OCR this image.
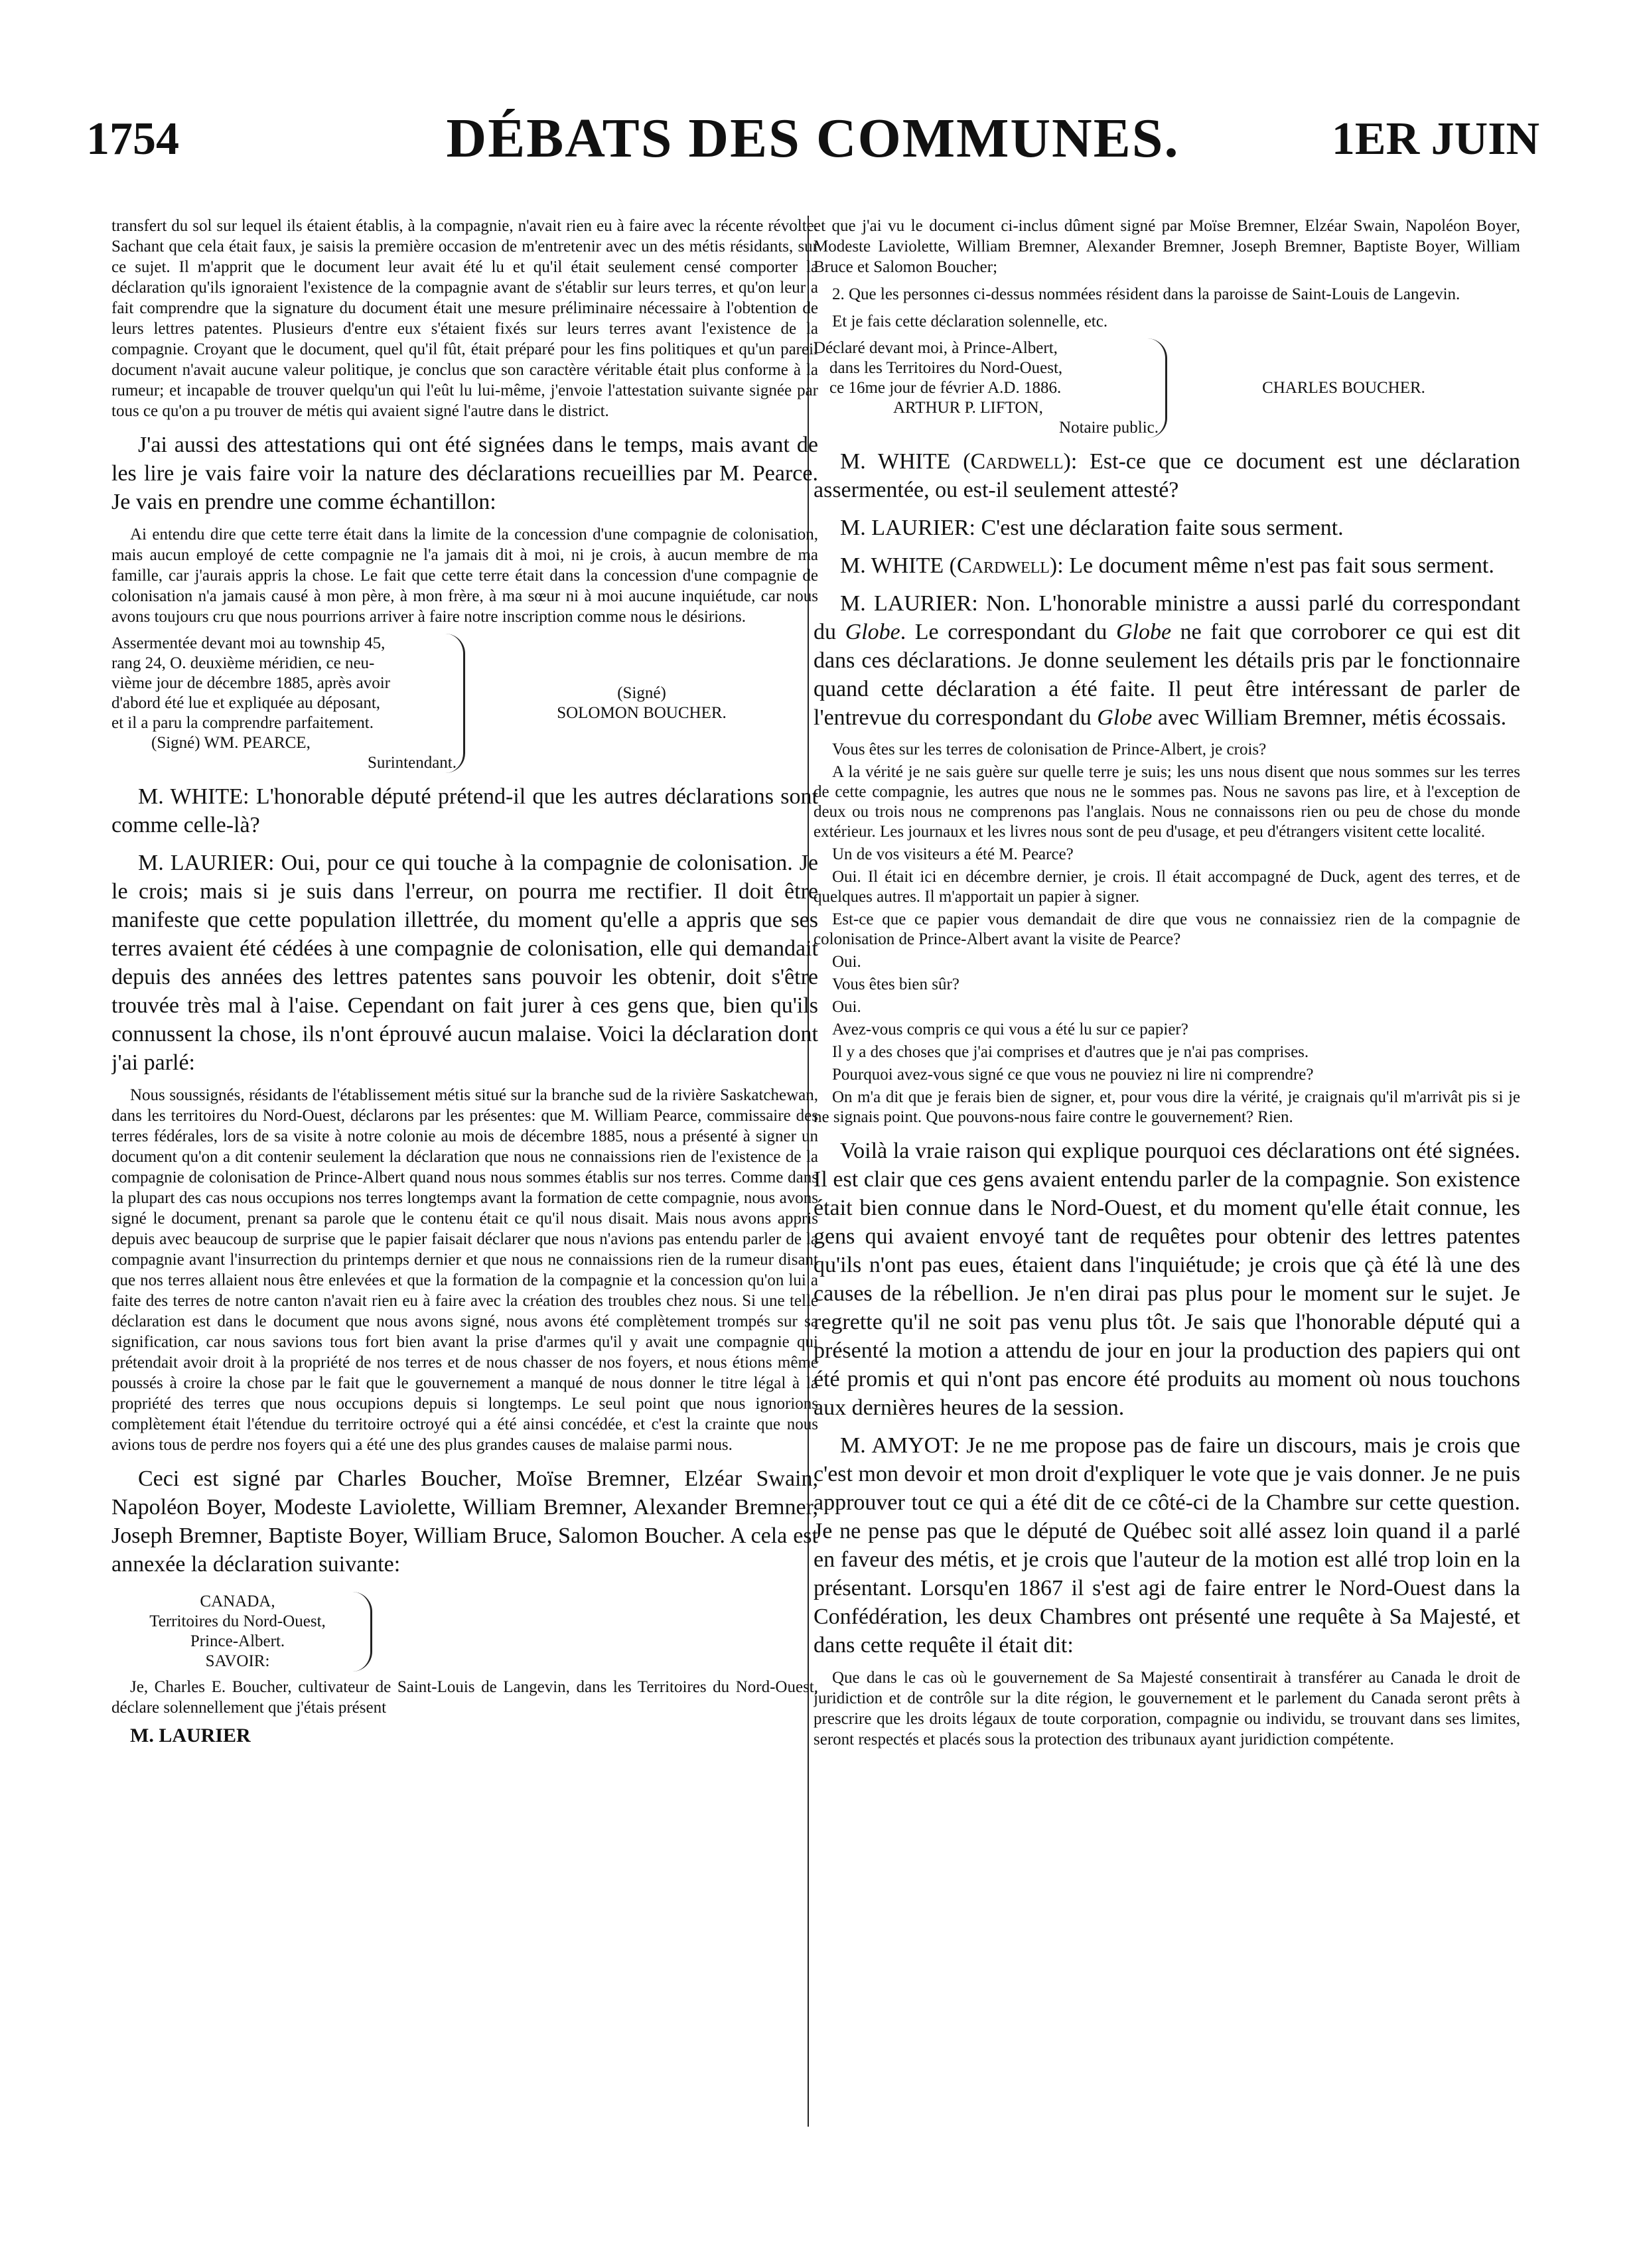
1754	DÉBATS DES COMMUNES.	1ER JUIN

transfert du sol sur lequel ils étaient établis, à la compagnie, n'avait rien eu à faire avec la récente révolte. Sachant que cela était faux, je saisis la première occasion de m'entretenir avec un des métis résidants, sur ce sujet. Il m'apprit que le document leur avait été lu et qu'il était seulement censé comporter la déclaration qu'ils ignoraient l'existence de la compagnie avant de s'établir sur leurs terres, et qu'on leur a fait comprendre que la signature du document était une mesure préliminaire nécessaire à l'obtention de leurs lettres patentes. Plusieurs d'entre eux s'étaient fixés sur leurs terres avant l'existence de la compagnie. Croyant que le document, quel qu'il fût, était préparé pour les fins politiques et qu'un pareil document n'avait aucune valeur politique, je conclus que son caractère véritable était plus conforme à la rumeur; et incapable de trouver quelqu'un qui l'eût lu lui-même, j'envoie l'attestation suivante signée par tous ce qu'on a pu trouver de métis qui avaient signé l'autre dans le district.

J'ai aussi des attestations qui ont été signées dans le temps, mais avant de les lire je vais faire voir la nature des déclarations recueillies par M. Pearce. Je vais en prendre une comme échantillon:

Ai entendu dire que cette terre était dans la limite de la concession d'une compagnie de colonisation, mais aucun employé de cette compagnie ne l'a jamais dit à moi, ni je crois, à aucun membre de ma famille, car j'aurais appris la chose. Le fait que cette terre était dans la concession d'une compagnie de colonisation n'a jamais causé à mon père, à mon frère, à ma sœur ni à moi aucune inquiétude, car nous avons toujours cru que nous pourrions arriver à faire notre inscription comme nous le désirions.

Assermentée devant moi au township 45,
rang 24, O. deuxième méridien, ce neu-
vième jour de décembre 1885, après avoir
d'abord été lue et expliquée au déposant,
et il a paru la comprendre parfaitement.
(Signé) WM. PEARCE,
Surintendant.
(Signé)
SOLOMON BOUCHER.

M. WHITE: L'honorable député prétend-il que les autres déclarations sont comme celle-là?

M. LAURIER: Oui, pour ce qui touche à la compagnie de colonisation. Je le crois; mais si je suis dans l'erreur, on pourra me rectifier. Il doit être manifeste que cette population illettrée, du moment qu'elle a appris que ses terres avaient été cédées à une compagnie de colonisation, elle qui demandait depuis des années des lettres patentes sans pouvoir les obtenir, doit s'être trouvée très mal à l'aise. Cependant on fait jurer à ces gens que, bien qu'ils connussent la chose, ils n'ont éprouvé aucun malaise. Voici la déclaration dont j'ai parlé:

Nous soussignés, résidants de l'établissement métis situé sur la branche sud de la rivière Saskatchewan, dans les territoires du Nord-Ouest, déclarons par les présentes: que M. William Pearce, commissaire des terres fédérales, lors de sa visite à notre colonie au mois de décembre 1885, nous a présenté à signer un document qu'on a dit contenir seulement la déclaration que nous ne connaissions rien de l'existence de la compagnie de colonisation de Prince-Albert quand nous nous sommes établis sur nos terres. Comme dans la plupart des cas nous occupions nos terres longtemps avant la formation de cette compagnie, nous avons signé le document, prenant sa parole que le contenu était ce qu'il nous disait. Mais nous avons appris depuis avec beaucoup de surprise que le papier faisait déclarer que nous n'avions pas entendu parler de la compagnie avant l'insurrection du printemps dernier et que nous ne connaissions rien de la rumeur disant que nos terres allaient nous être enlevées et que la formation de la compagnie et la concession qu'on lui a faite des terres de notre canton n'avait rien eu à faire avec la création des troubles chez nous. Si une telle déclaration est dans le document que nous avons signé, nous avons été complètement trompés sur sa signification, car nous savions tous fort bien avant la prise d'armes qu'il y avait une compagnie qui prétendait avoir droit à la propriété de nos terres et de nous chasser de nos foyers, et nous étions même poussés à croire la chose par le fait que le gouvernement a manqué de nous donner le titre légal à la propriété des terres que nous occupions depuis si longtemps. Le seul point que nous ignorions complètement était l'étendue du territoire octroyé qui a été ainsi concédée, et c'est la crainte que nous avions tous de perdre nos foyers qui a été une des plus grandes causes de malaise parmi nous.

Ceci est signé par Charles Boucher, Moïse Bremner, Elzéar Swain, Napoléon Boyer, Modeste Laviolette, William Bremner, Alexander Bremner, Joseph Bremner, Baptiste Boyer, William Bruce, Salomon Boucher. A cela est annexée la déclaration suivante:

CANADA,
Territoires du Nord-Ouest,
Prince-Albert.
SAVOIR:

Je, Charles E. Boucher, cultivateur de Saint-Louis de Langevin, dans les Territoires du Nord-Ouest, déclare solennellement que j'étais présent

M. LAURIER

et que j'ai vu le document ci-inclus dûment signé par Moïse Bremner, Elzéar Swain, Napoléon Boyer, Modeste Laviolette, William Bremner, Alexander Bremner, Joseph Bremner, Baptiste Boyer, William Bruce et Salomon Boucher;

2. Que les personnes ci-dessus nommées résident dans la paroisse de Saint-Louis de Langevin.

Et je fais cette déclaration solennelle, etc.

Déclaré devant moi, à Prince-Albert,
dans les Territoires du Nord-Ouest,
ce 16me jour de février A.D. 1886.
ARTHUR P. LIFTON,
Notaire public.
CHARLES BOUCHER.

M. WHITE (Cardwell): Est-ce que ce document est une déclaration assermentée, ou est-il seulement attesté?

M. LAURIER: C'est une déclaration faite sous serment.

M. WHITE (Cardwell): Le document même n'est pas fait sous serment.

M. LAURIER: Non. L'honorable ministre a aussi parlé du correspondant du Globe. Le correspondant du Globe ne fait que corroborer ce qui est dit dans ces déclarations. Je donne seulement les détails pris par le fonctionnaire quand cette déclaration a été faite. Il peut être intéressant de parler de l'entrevue du correspondant du Globe avec William Bremner, métis écossais.

Vous êtes sur les terres de colonisation de Prince-Albert, je crois?

A la vérité je ne sais guère sur quelle terre je suis; les uns nous disent que nous sommes sur les terres de cette compagnie, les autres que nous ne le sommes pas. Nous ne savons pas lire, et à l'exception de deux ou trois nous ne comprenons pas l'anglais. Nous ne connaissons rien ou peu de chose du monde extérieur. Les journaux et les livres nous sont de peu d'usage, et peu d'étrangers visitent cette localité.

Un de vos visiteurs a été M. Pearce?

Oui. Il était ici en décembre dernier, je crois. Il était accompagné de Duck, agent des terres, et de quelques autres. Il m'apportait un papier à signer.

Est-ce que ce papier vous demandait de dire que vous ne connaissiez rien de la compagnie de colonisation de Prince-Albert avant la visite de Pearce?

Oui.

Vous êtes bien sûr?

Oui.

Avez-vous compris ce qui vous a été lu sur ce papier?

Il y a des choses que j'ai comprises et d'autres que je n'ai pas comprises.

Pourquoi avez-vous signé ce que vous ne pouviez ni lire ni comprendre?

On m'a dit que je ferais bien de signer, et, pour vous dire la vérité, je craignais qu'il m'arrivât pis si je ne signais point. Que pouvons-nous faire contre le gouvernement? Rien.

Voilà la vraie raison qui explique pourquoi ces déclarations ont été signées. Il est clair que ces gens avaient entendu parler de la compagnie. Son existence était bien connue dans le Nord-Ouest, et du moment qu'elle était connue, les gens qui avaient envoyé tant de requêtes pour obtenir des lettres patentes qu'ils n'ont pas eues, étaient dans l'inquiétude; je crois que çà été là une des causes de la rébellion. Je n'en dirai pas plus pour le moment sur le sujet. Je regrette qu'il ne soit pas venu plus tôt. Je sais que l'honorable député qui a présenté la motion a attendu de jour en jour la production des papiers qui ont été promis et qui n'ont pas encore été produits au moment où nous touchons aux dernières heures de la session.

M. AMYOT: Je ne me propose pas de faire un discours, mais je crois que c'est mon devoir et mon droit d'expliquer le vote que je vais donner. Je ne puis approuver tout ce qui a été dit de ce côté-ci de la Chambre sur cette question. Je ne pense pas que le député de Québec soit allé assez loin quand il a parlé en faveur des métis, et je crois que l'auteur de la motion est allé trop loin en la présentant. Lorsqu'en 1867 il s'est agi de faire entrer le Nord-Ouest dans la Confédération, les deux Chambres ont présenté une requête à Sa Majesté, et dans cette requête il était dit:

Que dans le cas où le gouvernement de Sa Majesté consentirait à transférer au Canada le droit de juridiction et de contrôle sur la dite région, le gouvernement et le parlement du Canada seront prêts à prescrire que les droits légaux de toute corporation, compagnie ou individu, se trouvant dans ses limites, seront respectés et placés sous la protection des tribunaux ayant juridiction compétente.
